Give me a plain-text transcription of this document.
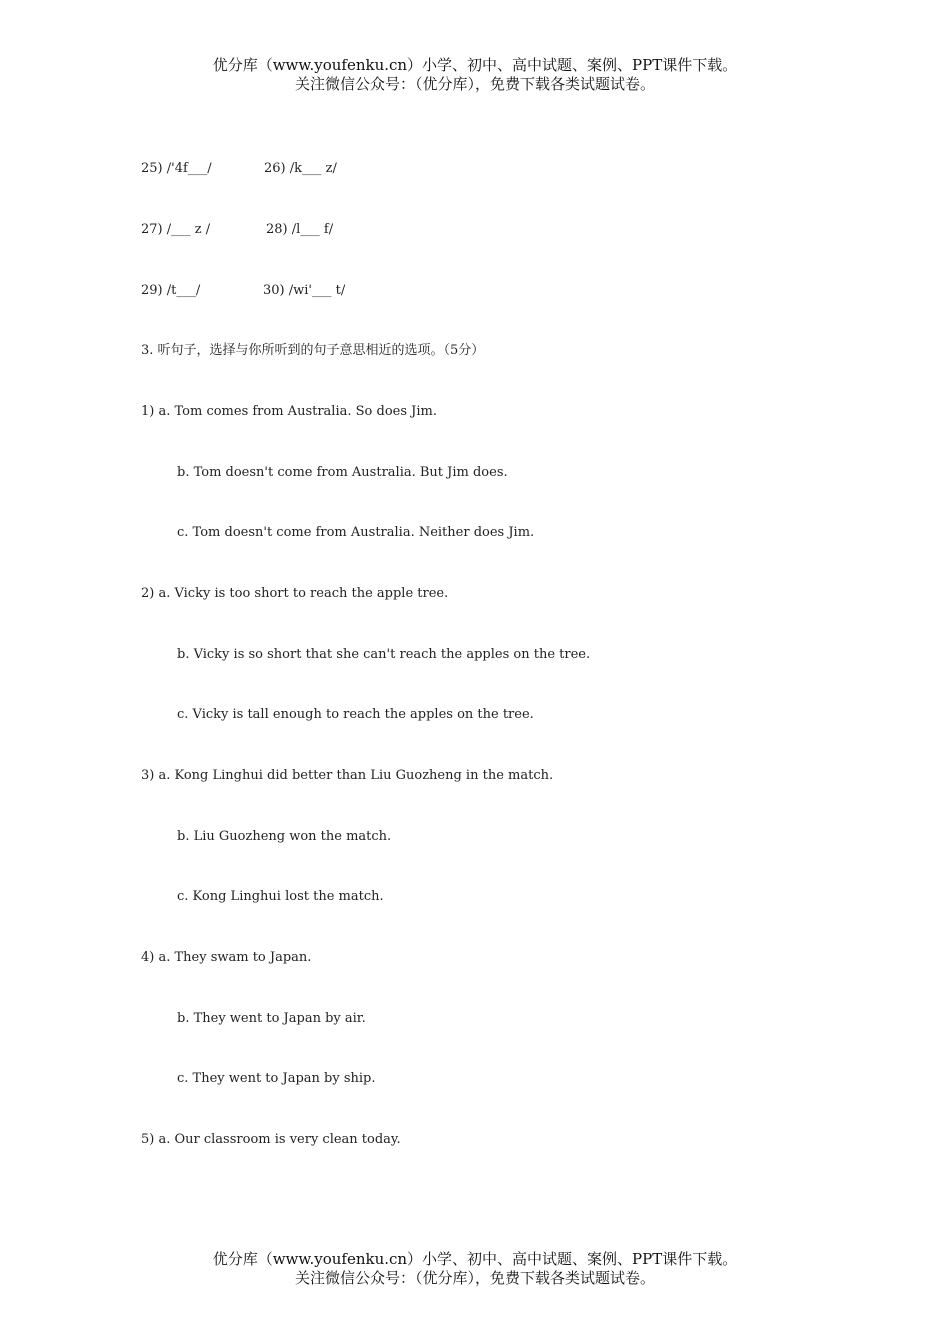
优分库（www.youfenku.cn）小学、初中、高中试题、案例、PPT课件下载。
关注微信公众号：（优分库），免费下载各类试题试卷。
25) /'4f___/	26) /k___ z/
27) /___ z /	28) /l___ f/
29) /t___/	30) /wi'___ t/
3. 听句子，选择与你所听到的句子意思相近的选项。（5分）
1) a. Tom comes from Australia. So does Jim.
b. Tom doesn't come from Australia. But Jim does.
c. Tom doesn't come from Australia. Neither does Jim.
2) a. Vicky is too short to reach the apple tree.
b. Vicky is so short that she can't reach the apples on the tree.
c. Vicky is tall enough to reach the apples on the tree.
3) a. Kong Linghui did better than Liu Guozheng in the match.
b. Liu Guozheng won the match.
c. Kong Linghui lost the match.
4) a. They swam to Japan.
b. They went to Japan by air.
c. They went to Japan by ship.
5) a. Our classroom is very clean today.
优分库（www.youfenku.cn）小学、初中、高中试题、案例、PPT课件下载。
关注微信公众号：（优分库），免费下载各类试题试卷。
